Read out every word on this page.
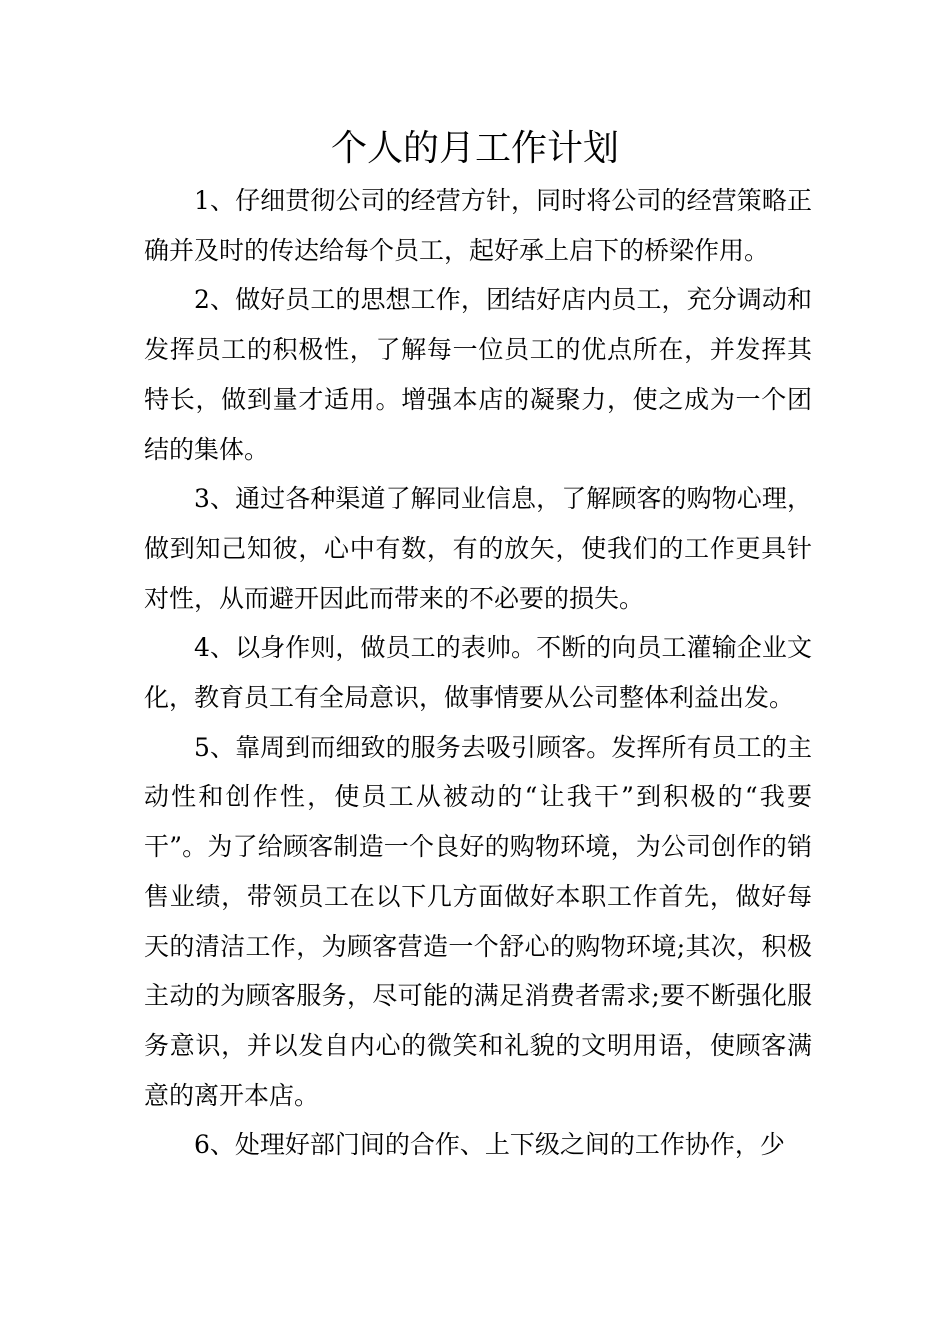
个人的月工作计划

1、仔细贯彻公司的经营方针，同时将公司的经营策略正确并及时的传达给每个员工，起好承上启下的桥梁作用。

2、做好员工的思想工作，团结好店内员工，充分调动和发挥员工的积极性，了解每一位员工的优点所在，并发挥其特长，做到量才适用。增强本店的凝聚力，使之成为一个团结的集体。

3、通过各种渠道了解同业信息，了解顾客的购物心理，做到知己知彼，心中有数，有的放矢，使我们的工作更具针对性，从而避开因此而带来的不必要的损失。

4、以身作则，做员工的表帅。不断的向员工灌输企业文化，教育员工有全局意识，做事情要从公司整体利益出发。

5、靠周到而细致的服务去吸引顾客。发挥所有员工的主动性和创作性，使员工从被动的“让我干”到积极的“我要干”。为了给顾客制造一个良好的购物环境，为公司创作的销售业绩，带领员工在以下几方面做好本职工作首先，做好每天的清洁工作，为顾客营造一个舒心的购物环境;其次，积极主动的为顾客服务，尽可能的满足消费者需求;要不断强化服务意识，并以发自内心的微笑和礼貌的文明用语，使顾客满意的离开本店。

6、处理好部门间的合作、上下级之间的工作协作，少
